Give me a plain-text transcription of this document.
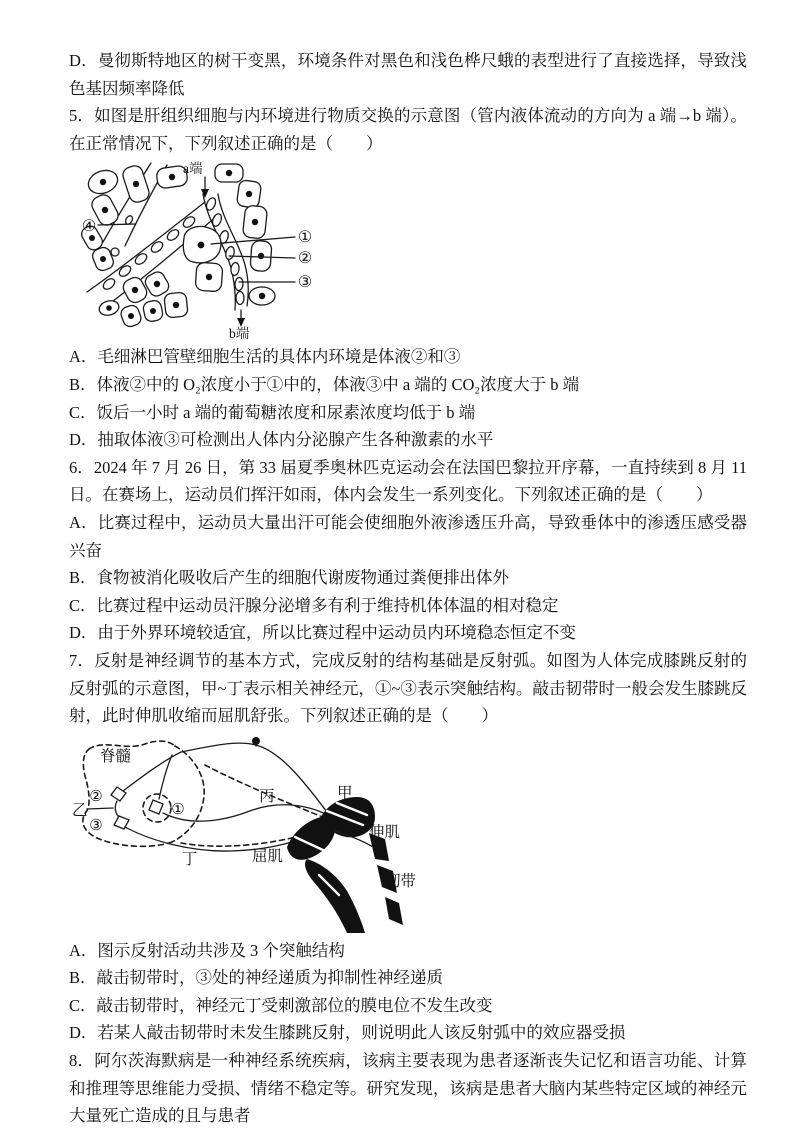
D．曼彻斯特地区的树干变黑，环境条件对黑色和浅色桦尺蛾的表型进行了直接选择，导致浅色基因频率降低

5．如图是肝组织细胞与内环境进行物质交换的示意图（管内液体流动的方向为 a 端→b 端）。在正常情况下，下列叙述正确的是（　　）

a端
b端
④
①
②
③

A．毛细淋巴管壁细胞生活的具体内环境是体液②和③

B．体液②中的 O₂浓度小于①中的，体液③中 a 端的 CO₂浓度大于 b 端

C．饭后一小时 a 端的葡萄糖浓度和尿素浓度均低于 b 端

D．抽取体液③可检测出人体内分泌腺产生各种激素的水平

6．2024 年 7 月 26 日，第 33 届夏季奥林匹克运动会在法国巴黎拉开序幕，一直持续到 8 月 11 日。在赛场上，运动员们挥汗如雨，体内会发生一系列变化。下列叙述正确的是（　　）

A．比赛过程中，运动员大量出汗可能会使细胞外液渗透压升高，导致垂体中的渗透压感受器兴奋

B．食物被消化吸收后产生的细胞代谢废物通过粪便排出体外

C．比赛过程中运动员汗腺分泌增多有利于维持机体体温的相对稳定

D．由于外界环境较适宜，所以比赛过程中运动员内环境稳态恒定不变

7．反射是神经调节的基本方式，完成反射的结构基础是反射弧。如图为人体完成膝跳反射的反射弧的示意图，甲~丁表示相关神经元，①~③表示突触结构。敲击韧带时一般会发生膝跳反射，此时伸肌收缩而屈肌舒张。下列叙述正确的是（　　）

脊髓
乙
②
③
①
丁
丙	甲
伸肌
屈肌
韧带

A．图示反射活动共涉及 3 个突触结构

B．敲击韧带时，③处的神经递质为抑制性神经递质

C．敲击韧带时，神经元丁受刺激部位的膜电位不发生改变

D．若某人敲击韧带时未发生膝跳反射，则说明此人该反射弧中的效应器受损

8．阿尔茨海默病是一种神经系统疾病，该病主要表现为患者逐渐丧失记忆和语言功能、计算和推理等思维能力受损、情绪不稳定等。研究发现，该病是患者大脑内某些特定区域的神经元大量死亡造成的且与患者
